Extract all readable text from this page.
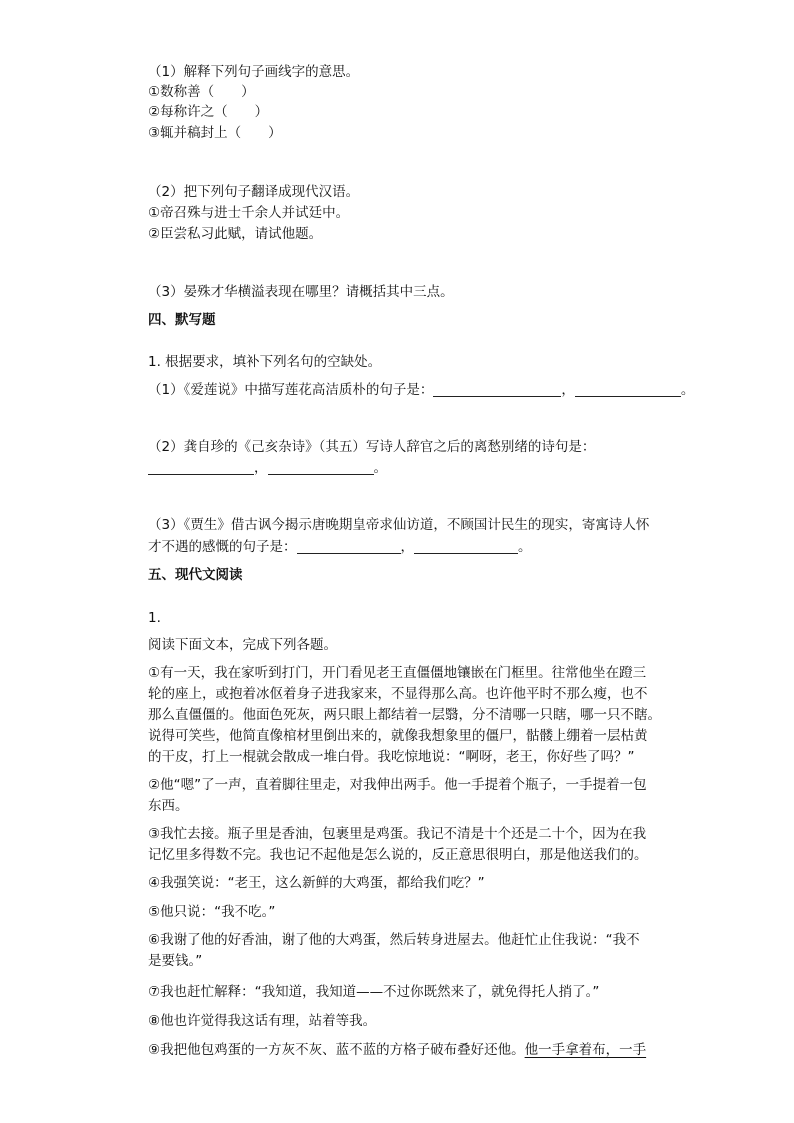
（1）解释下列句子画线字的意思。
①数称善（　　）
②每称许之（　　）
③辄并稿封上（　　）
（2）把下列句子翻译成现代汉语。
①帝召殊与进士千余人并试廷中。
②臣尝私习此赋，请试他题。
（3）晏殊才华横溢表现在哪里？请概括其中三点。
四、默写题
1. 根据要求，填补下列名句的空缺处。
（1）《爱莲说》中描写莲花高洁质朴的句子是：	，	。
（2）龚自珍的《己亥杂诗》（其五）写诗人辞官之后的离愁别绪的诗句是：
，	。
（3）《贾生》借古讽今揭示唐晚期皇帝求仙访道，不顾国计民生的现实，寄寓诗人怀
才不遇的感慨的句子是：	，	。
五、现代文阅读
1.
阅读下面文本，完成下列各题。
①有一天，我在家听到打门，开门看见老王直僵僵地镶嵌在门框里。往常他坐在蹬三
轮的座上，或抱着冰伛着身子进我家来，不显得那么高。也许他平时不那么瘦，也不
那么直僵僵的。他面色死灰，两只眼上都结着一层翳，分不清哪一只瞎，哪一只不瞎。
说得可笑些，他简直像棺材里倒出来的，就像我想象里的僵尸，骷髅上绷着一层枯黄
的干皮，打上一棍就会散成一堆白骨。我吃惊地说：“啊呀，老王，你好些了吗？”
②他“嗯”了一声，直着脚往里走，对我伸出两手。他一手提着个瓶子，一手提着一包
东西。
③我忙去接。瓶子里是香油，包裹里是鸡蛋。我记不清是十个还是二十个，因为在我
记忆里多得数不完。我也记不起他是怎么说的，反正意思很明白，那是他送我们的。
④我强笑说：“老王，这么新鲜的大鸡蛋，都给我们吃？”
⑤他只说：“我不吃。”
⑥我谢了他的好香油，谢了他的大鸡蛋，然后转身进屋去。他赶忙止住我说：“我不
是要钱。”
⑦我也赶忙解释：“我知道，我知道——不过你既然来了，就免得托人捎了。”
⑧他也许觉得我这话有理，站着等我。
⑨我把他包鸡蛋的一方灰不灰、蓝不蓝的方格子破布叠好还他。他一手拿着布，一手
